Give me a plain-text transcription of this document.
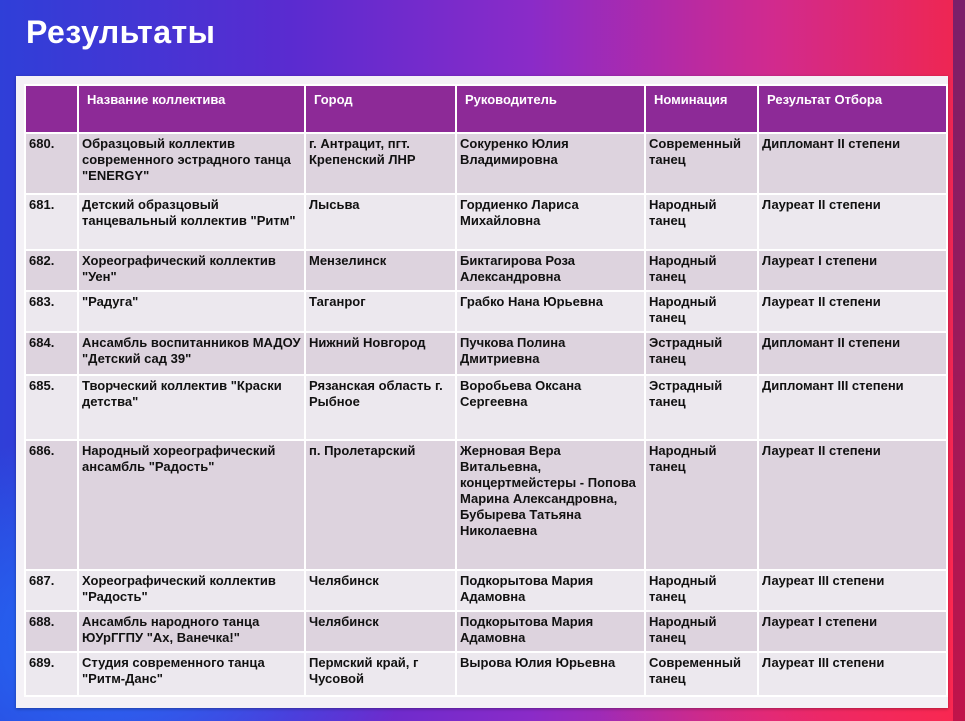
Результаты
	Название коллектива	Город	Руководитель	Номинация	Результат Отбора
680.	Образцовый коллектив современного эстрадного танца "ENERGY"	г. Антрацит, пгт. Крепенский ЛНР	Сокуренко Юлия Владимировна	Современный танец	Дипломант II степени
681.	Детский образцовый танцевальный коллектив "Ритм"	Лысьва	Гордиенко Лариса Михайловна	Народный танец	Лауреат II степени
682.	Хореографический коллектив "Уен"	Мензелинск	Биктагирова Роза Александровна	Народный танец	Лауреат I степени
683.	"Радуга"	Таганрог	Грабко Нана Юрьевна	Народный танец	Лауреат II степени
684.	Ансамбль воспитанников МАДОУ "Детский сад 39"	Нижний Новгород	Пучкова Полина Дмитриевна	Эстрадный танец	Дипломант II степени
685.	Творческий коллектив "Краски детства"	Рязанская область г. Рыбное	Воробьева Оксана Сергеевна	Эстрадный танец	Дипломант III степени
686.	Народный хореографический ансамбль "Радость"	п. Пролетарский	Жерновая Вера Витальевна, концертмейстеры - Попова Марина Александровна, Бубырева Татьяна Николаевна	Народный танец	Лауреат II степени
687.	Хореографический коллектив "Радость"	Челябинск	Подкорытова Мария Адамовна	Народный танец	Лауреат III степени
688.	Ансамбль народного танца ЮУрГГПУ "Ах, Ванечка!"	Челябинск	Подкорытова Мария Адамовна	Народный танец	Лауреат I степени
689.	Студия современного танца "Ритм-Данс"	Пермский край, г Чусовой	Вырова Юлия Юрьевна	Современный танец	Лауреат III степени
